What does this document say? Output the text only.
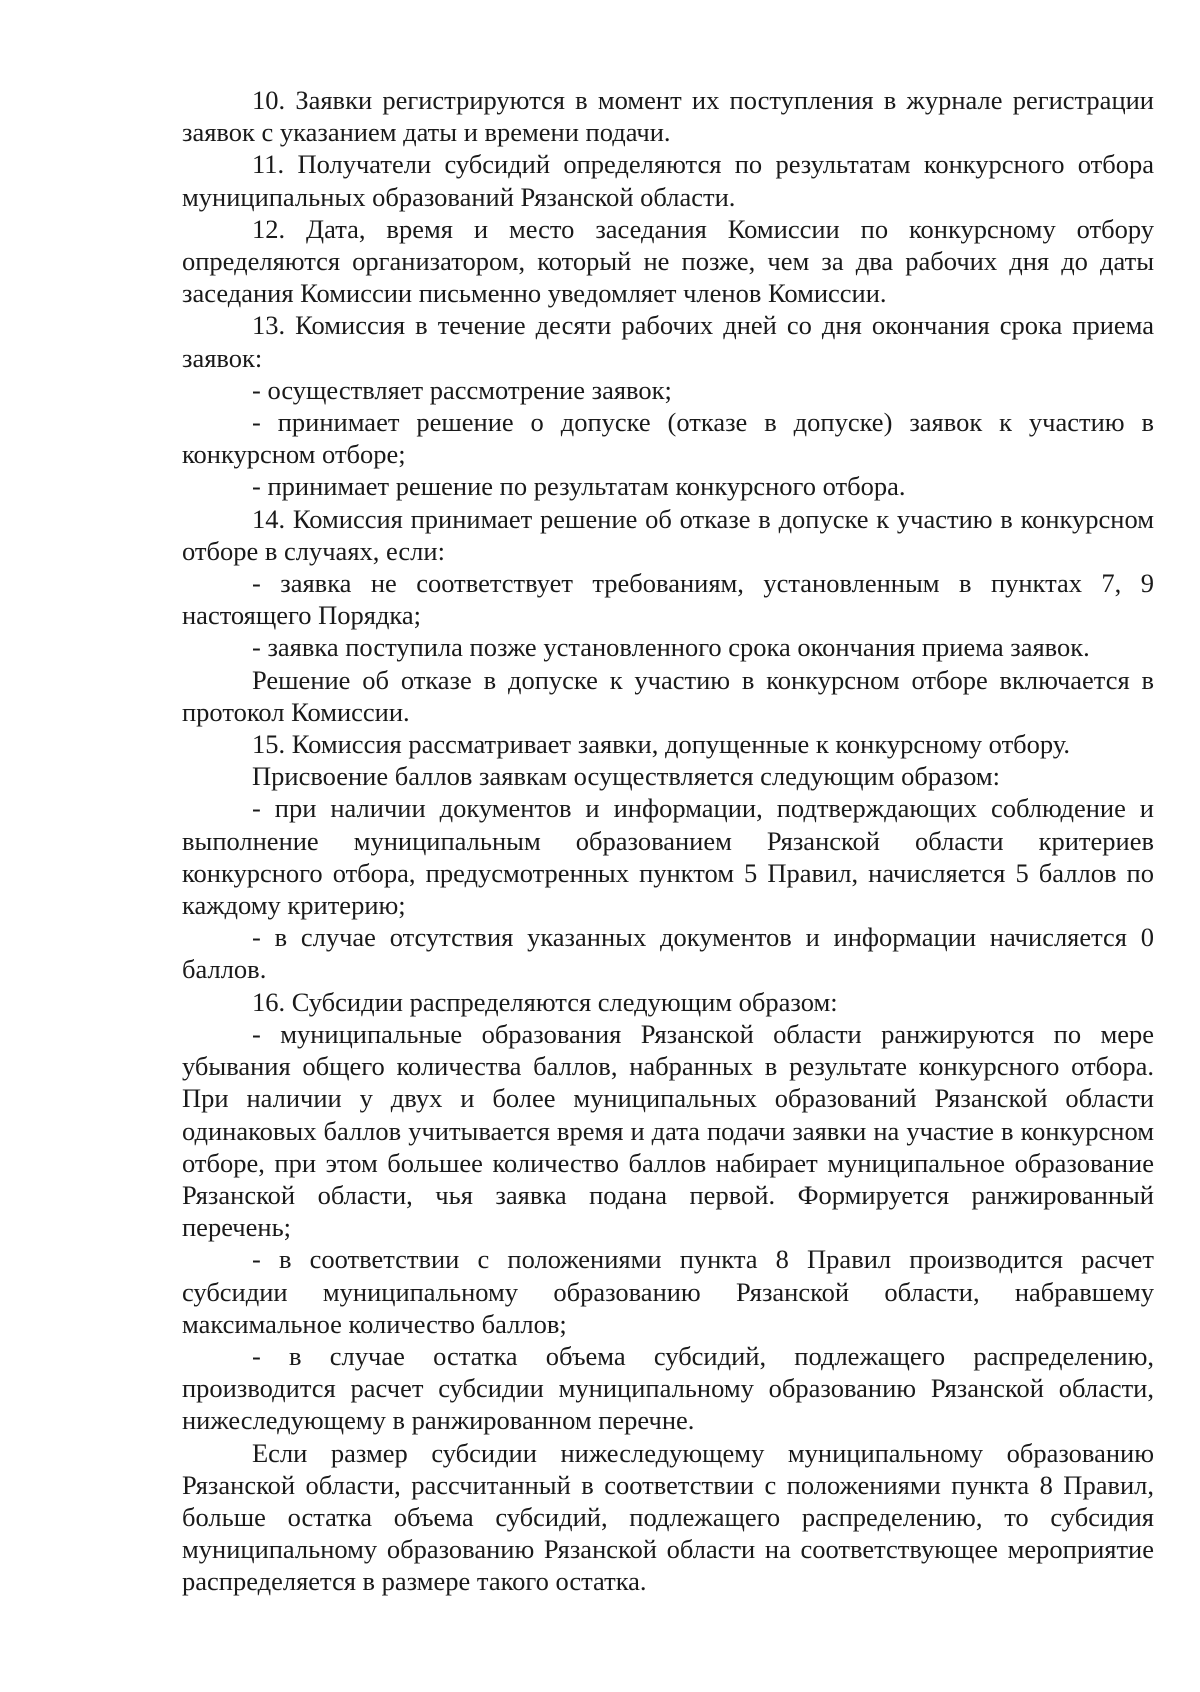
10. Заявки регистрируются в момент их поступления в журнале регистрации заявок с указанием даты и времени подачи.

11. Получатели субсидий определяются по результатам конкурсного отбора муниципальных образований Рязанской области.

12. Дата, время и место заседания Комиссии по конкурсному отбору определяются организатором, который не позже, чем за два рабочих дня до даты заседания Комиссии письменно уведомляет членов Комиссии.

13. Комиссия в течение десяти рабочих дней со дня окончания срока приема заявок:

- осуществляет рассмотрение заявок;

- принимает решение о допуске (отказе в допуске) заявок к участию в конкурсном отборе;

- принимает решение по результатам конкурсного отбора.

14. Комиссия принимает решение об отказе в допуске к участию в конкурсном отборе в случаях, если:

- заявка не соответствует требованиям, установленным в пунктах 7, 9 настоящего Порядка;

- заявка поступила позже установленного срока окончания приема заявок.

Решение об отказе в допуске к участию в конкурсном отборе включается в протокол Комиссии.

15. Комиссия рассматривает заявки, допущенные к конкурсному отбору.

Присвоение баллов заявкам осуществляется следующим образом:

- при наличии документов и информации, подтверждающих соблюдение и выполнение муниципальным образованием Рязанской области критериев конкурсного отбора, предусмотренных пунктом 5 Правил, начисляется 5 баллов по каждому критерию;

- в случае отсутствия указанных документов и информации начисляется 0 баллов.

16. Субсидии распределяются следующим образом:

- муниципальные образования Рязанской области ранжируются по мере убывания общего количества баллов, набранных в результате конкурсного отбора. При наличии у двух и более муниципальных образований Рязанской области одинаковых баллов учитывается время и дата подачи заявки на участие в конкурсном отборе, при этом большее количество баллов набирает муниципальное образование Рязанской области, чья заявка подана первой. Формируется ранжированный перечень;

- в соответствии с положениями пункта 8 Правил производится расчет субсидии муниципальному образованию Рязанской области, набравшему максимальное количество баллов;

- в случае остатка объема субсидий, подлежащего распределению, производится расчет субсидии муниципальному образованию Рязанской области, нижеследующему в ранжированном перечне.

Если размер субсидии нижеследующему муниципальному образованию Рязанской области, рассчитанный в соответствии с положениями пункта 8 Правил, больше остатка объема субсидий, подлежащего распределению, то субсидия муниципальному образованию Рязанской области на соответствующее мероприятие распределяется в размере такого остатка.
